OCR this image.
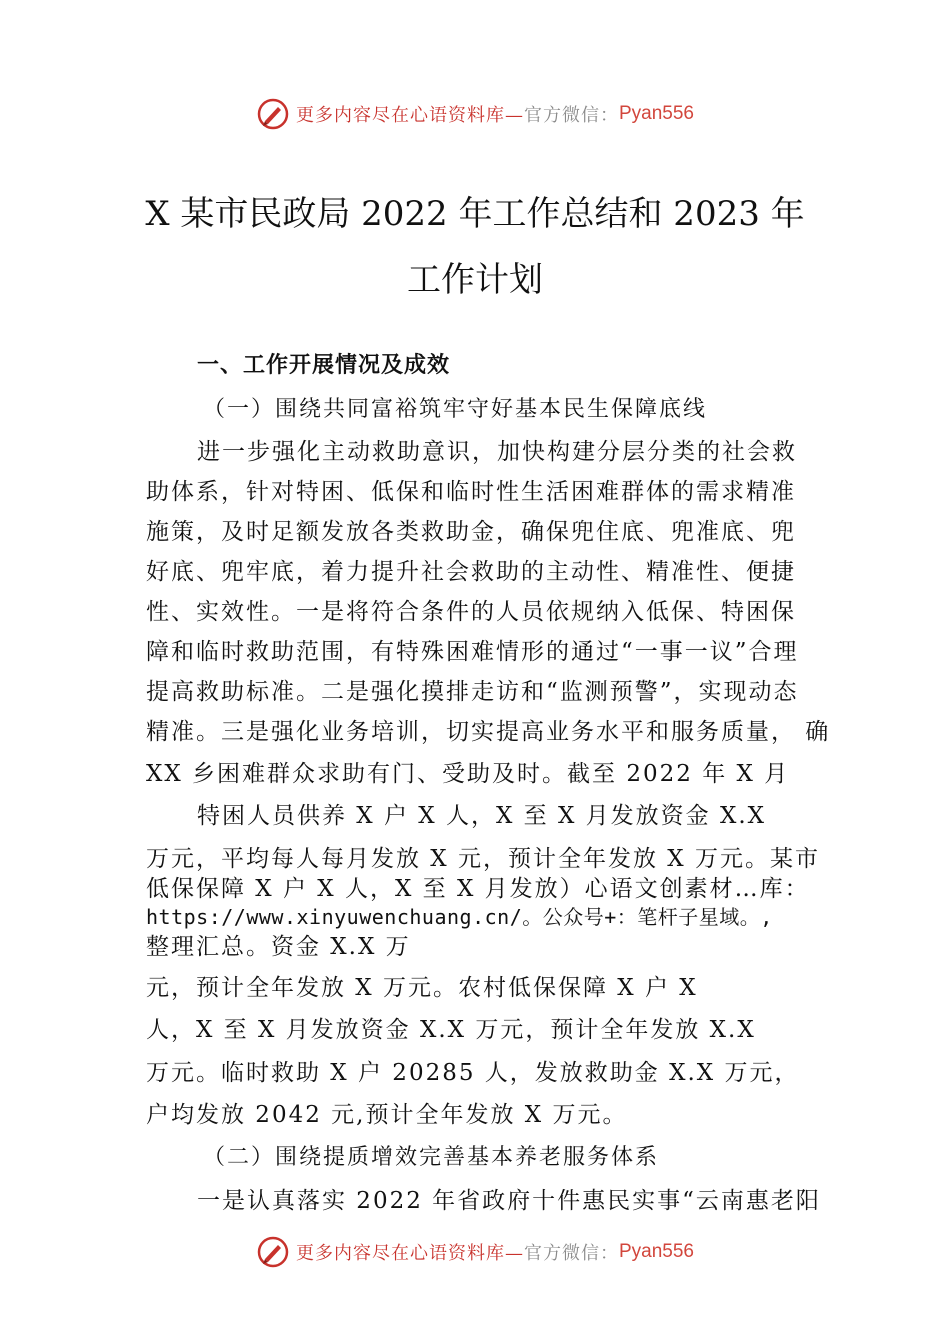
更多内容尽在心语资料库— 官方微信： Pyan556
X 某市民政局 2022 年工作总结和 2023 年
工作计划
一、工作开展情况及成效
（一）围绕共同富裕筑牢守好基本民生保障底线
进一步强化主动救助意识，加快构建分层分类的社会救
助体系，针对特困、低保和临时性生活困难群体的需求精准
施策，及时足额发放各类救助金，确保兜住底、兜准底、兜
好底、兜牢底，着力提升社会救助的主动性、精准性、便捷
性、实效性。一是将符合条件的人员依规纳入低保、特困保
障和临时救助范围，有特殊困难情形的通过“一事一议”合理
提高救助标准。二是强化摸排走访和“监测预警”，实现动态
精准。三是强化业务培训，切实提高业务水平和服务质量， 确
XX 乡困难群众求助有门、受助及时。截至 2022 年 X 月
特困人员供养 X 户 X 人，X 至 X 月发放资金 X.X
万元，平均每人每月发放 X 元，预计全年发放 X 万元。某市
低保保障 X 户 X 人，X 至 X 月发放）心语文创素材…库：
https://www.xinyuwenchuang.cn/。公众号+：笔杆子星域。,
整理汇总。资金 X.X 万
元，预计全年发放 X 万元。农村低保保障 X 户 X
人，X 至 X 月发放资金 X.X 万元，预计全年发放 X.X
万元。临时救助 X 户 20285 人，发放救助金 X.X 万元，
户均发放 2042 元,预计全年发放 X 万元。
（二）围绕提质增效完善基本养老服务体系
一是认真落实 2022 年省政府十件惠民实事“云南惠老阳
更多内容尽在心语资料库— 官方微信： Pyan556
